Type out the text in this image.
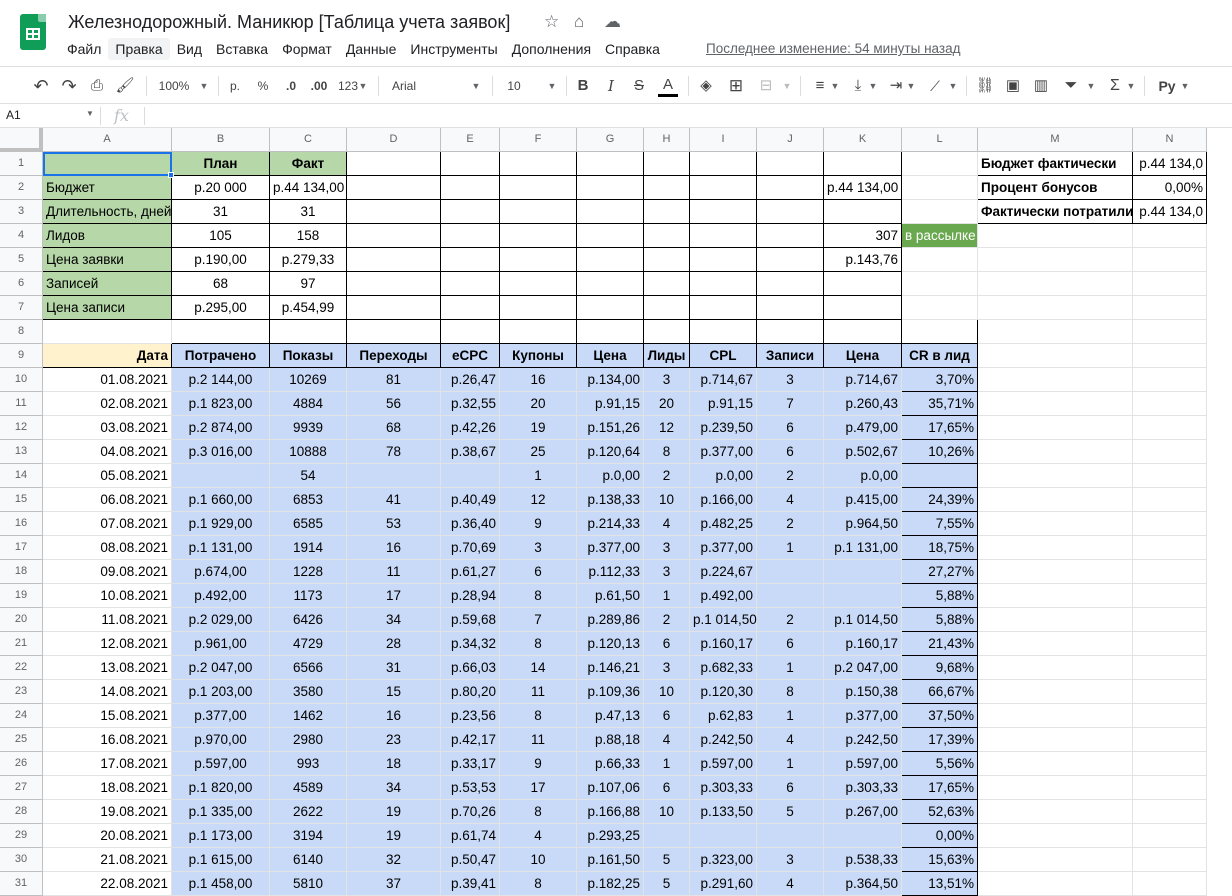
Железнодорожный. Маникюр [Таблица учета заявок] ☆ ⌂ ☁
Файл	Правка	Вид	Вставка	Формат	Данные	Инструменты	Дополнения	Справка	Последнее изменение: 54 минуты назад
↶ ↷ ⎙ 🖌 100% ▼	р.	%	.0	.00 123 ▼ Arial	▼ 10	▼ B	I	S	A	◈ ⊞	⊟	▼	≡ ▼	⤓ ▼ ⇥ ▼	⟋ ▼ ⛓ ▣ ▥ ⏷	▼ Σ ▼	Рy ▼
A1	▼ fx
A	B	C	D	E	F	G	H	I	J	K	L	M	N
1	План	Факт	Бюджет фактически	р.44 134,0
2	Бюджет	р.20 000	р.44 134,00	р.44 134,00	Процент бонусов	0,00%
3	Длительность, дней	31	31	Фактически потратили р.44 134,0
4	Лидов	105	158	307 в рассылке
5	Цена заявки	р.190,00	р.279,33	р.143,76
6	Записей	68	97
7	Цена записи	р.295,00	р.454,99
8
9	Дата	Потрачено	Показы	Переходы	eCPC	Купоны	Цена	Лиды	CPL	Записи	Цена	CR в лид
10	01.08.2021	р.2 144,00	10269	81	р.26,47	16	р.134,00	3	р.714,67	3	р.714,67	3,70%
11	02.08.2021	р.1 823,00	4884	56	р.32,55	20	р.91,15	20	р.91,15	7	р.260,43	35,71%
12	03.08.2021	р.2 874,00	9939	68	р.42,26	19	р.151,26	12	р.239,50	6	р.479,00	17,65%
13	04.08.2021	р.3 016,00	10888	78	р.38,67	25	р.120,64	8	р.377,00	6	р.502,67	10,26%
14	05.08.2021	54	1	р.0,00	2	р.0,00	2	р.0,00
15	06.08.2021	р.1 660,00	6853	41	р.40,49	12	р.138,33	10	р.166,00	4	р.415,00	24,39%
16	07.08.2021	р.1 929,00	6585	53	р.36,40	9	р.214,33	4	р.482,25	2	р.964,50	7,55%
17	08.08.2021	р.1 131,00	1914	16	р.70,69	3	р.377,00	3	р.377,00	1	р.1 131,00	18,75%
18	09.08.2021	р.674,00	1228	11	р.61,27	6	р.112,33	3	р.224,67	27,27%
19	10.08.2021	р.492,00	1173	17	р.28,94	8	р.61,50	1	р.492,00	5,88%
20	11.08.2021	р.2 029,00	6426	34	р.59,68	7	р.289,86	2	р.1 014,50	2	р.1 014,50	5,88%
21	12.08.2021	р.961,00	4729	28	р.34,32	8	р.120,13	6	р.160,17	6	р.160,17	21,43%
22	13.08.2021	р.2 047,00	6566	31	р.66,03	14	р.146,21	3	р.682,33	1	р.2 047,00	9,68%
23	14.08.2021	р.1 203,00	3580	15	р.80,20	11	р.109,36	10	р.120,30	8	р.150,38	66,67%
24	15.08.2021	р.377,00	1462	16	р.23,56	8	р.47,13	6	р.62,83	1	р.377,00	37,50%
25	16.08.2021	р.970,00	2980	23	р.42,17	11	р.88,18	4	р.242,50	4	р.242,50	17,39%
26	17.08.2021	р.597,00	993	18	р.33,17	9	р.66,33	1	р.597,00	1	р.597,00	5,56%
27	18.08.2021	р.1 820,00	4589	34	р.53,53	17	р.107,06	6	р.303,33	6	р.303,33	17,65%
28	19.08.2021	р.1 335,00	2622	19	р.70,26	8	р.166,88	10	р.133,50	5	р.267,00	52,63%
29	20.08.2021	р.1 173,00	3194	19	р.61,74	4	р.293,25	0,00%
30	21.08.2021	р.1 615,00	6140	32	р.50,47	10	р.161,50	5	р.323,00	3	р.538,33	15,63%
31	22.08.2021	р.1 458,00	5810	37	р.39,41	8	р.182,25	5	р.291,60	4	р.364,50	13,51%
